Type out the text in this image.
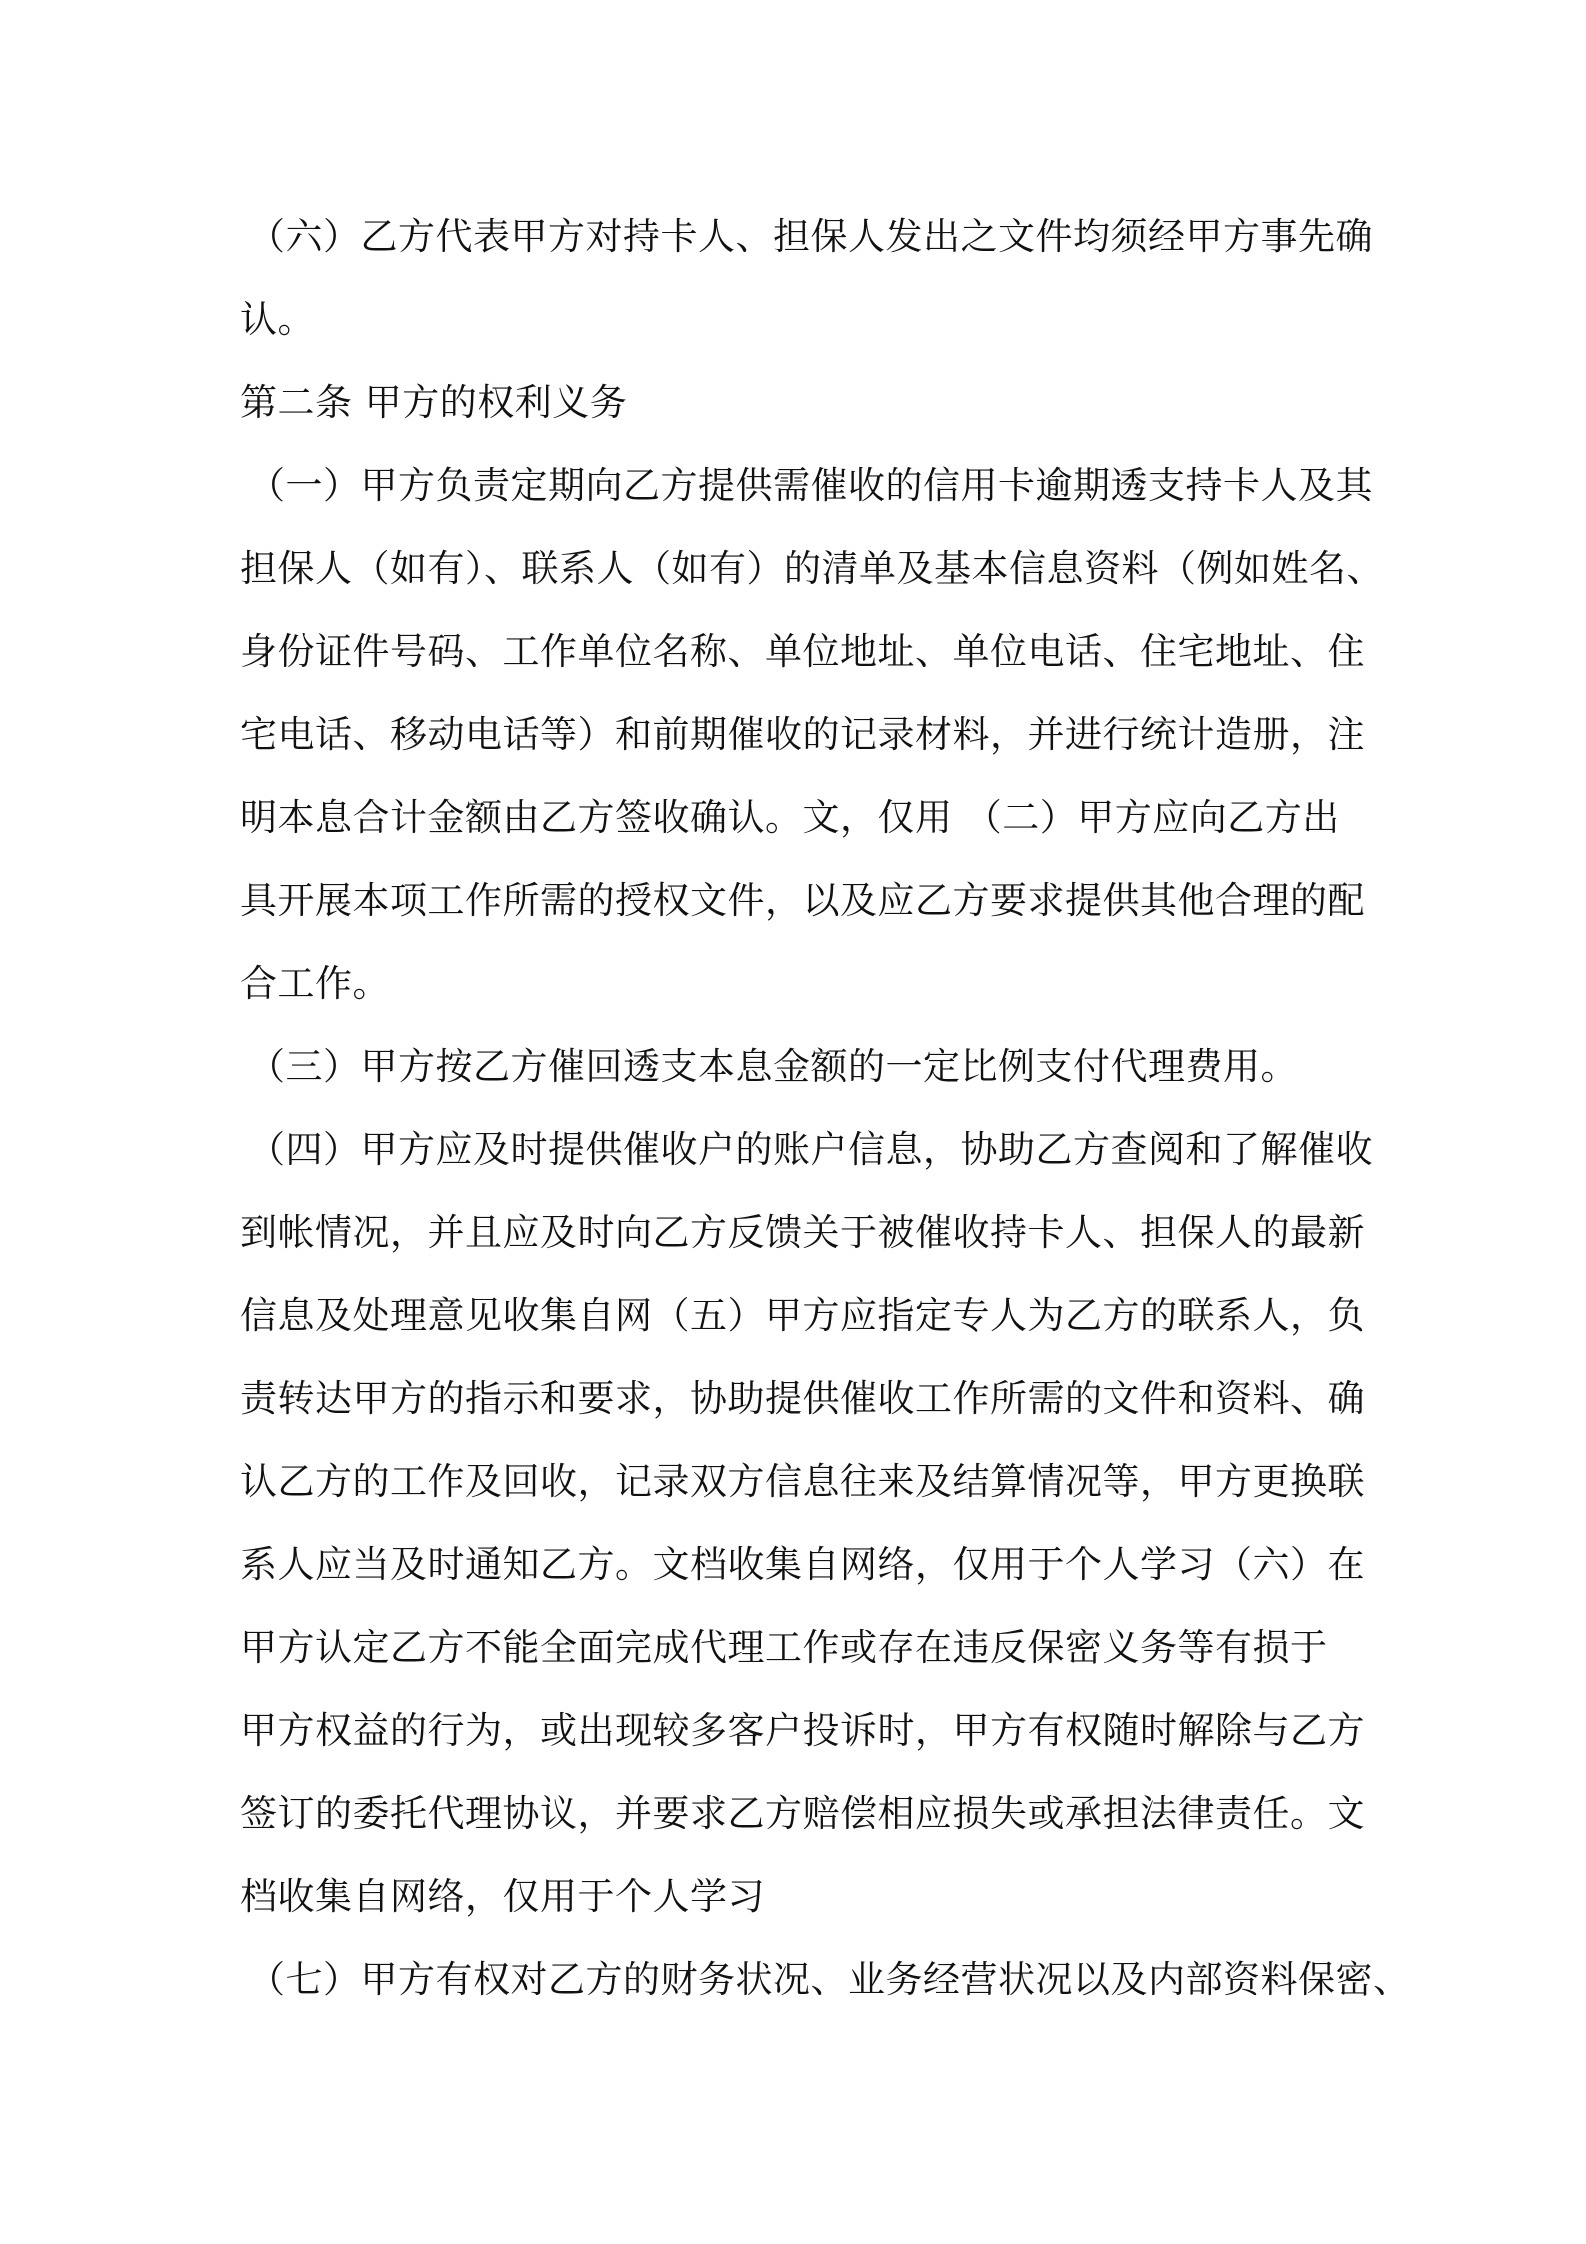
（六）乙方代表甲方对持卡人、担保人发出之文件均须经甲方事先确
认。
第二条 甲方的权利义务
（一）甲方负责定期向乙方提供需催收的信用卡逾期透支持卡人及其
担保人（如有）、联系人（如有）的清单及基本信息资料（例如姓名、
身份证件号码、工作单位名称、单位地址、单位电话、住宅地址、住
宅电话、移动电话等）和前期催收的记录材料，并进行统计造册，注
明本息合计金额由乙方签收确认。文，仅用 （二）甲方应向乙方出
具开展本项工作所需的授权文件，以及应乙方要求提供其他合理的配
合工作。
（三）甲方按乙方催回透支本息金额的一定比例支付代理费用。
（四）甲方应及时提供催收户的账户信息，协助乙方查阅和了解催收
到帐情况，并且应及时向乙方反馈关于被催收持卡人、担保人的最新
信息及处理意见收集自网（五）甲方应指定专人为乙方的联系人，负
责转达甲方的指示和要求，协助提供催收工作所需的文件和资料、确
认乙方的工作及回收，记录双方信息往来及结算情况等，甲方更换联
系人应当及时通知乙方。文档收集自网络，仅用于个人学习（六）在
甲方认定乙方不能全面完成代理工作或存在违反保密义务等有损于
甲方权益的行为，或出现较多客户投诉时，甲方有权随时解除与乙方
签订的委托代理协议，并要求乙方赔偿相应损失或承担法律责任。文
档收集自网络，仅用于个人学习
（七）甲方有权对乙方的财务状况、业务经营状况以及内部资料保密、
